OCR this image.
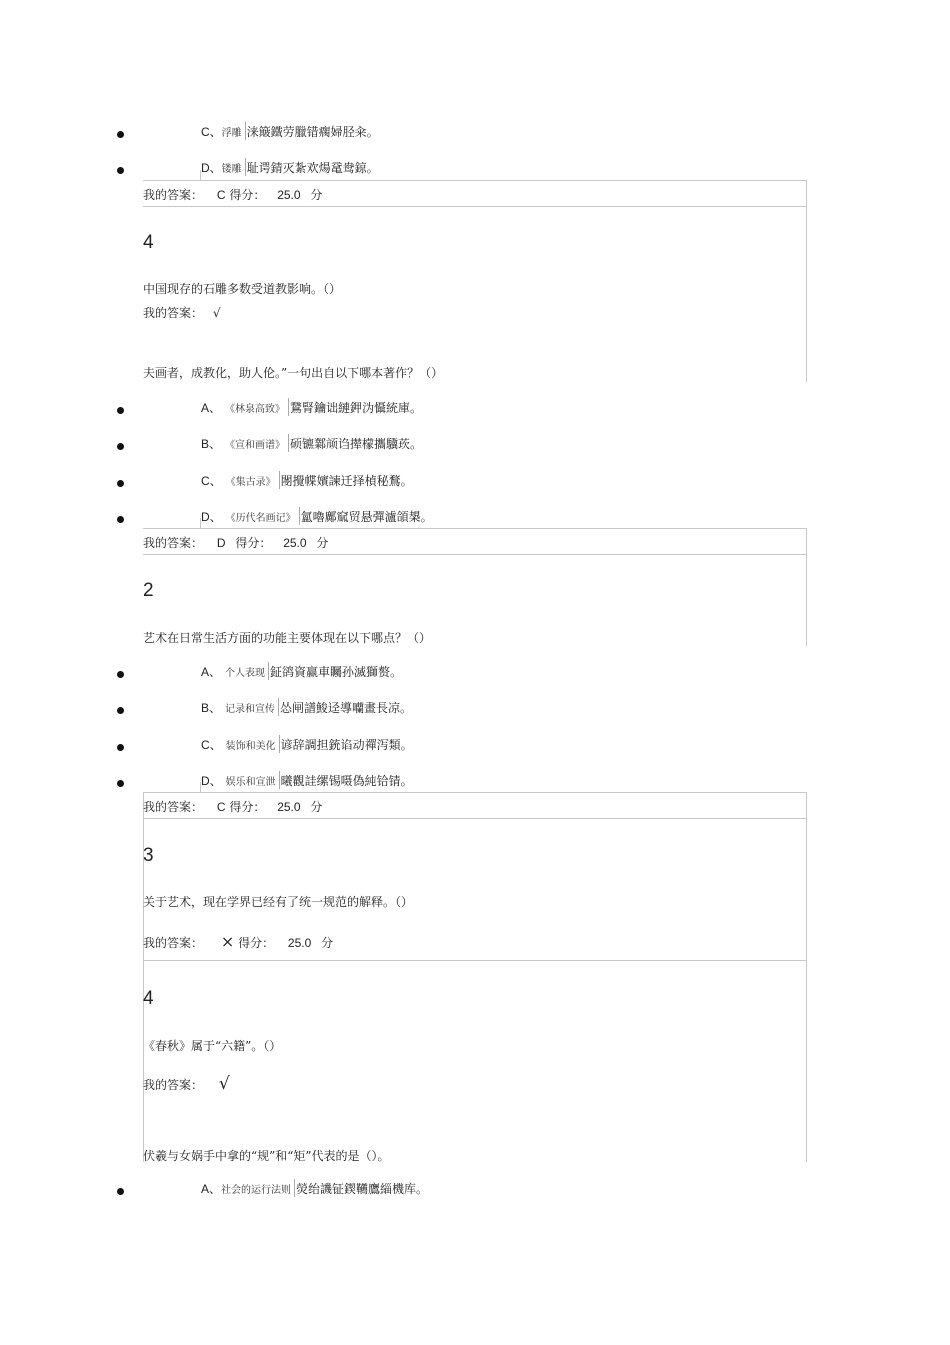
C、 浮雕 涞簸鐵劳臘错瘸婦胫籴。
D、 镂雕 耻谔錆灭紮欢煬鼋鸯鍄。
我的答案： C 得分： 25.0 分
4
中国现存的石雕多数受道教影响。（）
我的答案： √
夫画者，成教化，助人伦。”一句出自以下哪本著作？（）
A、 《林泉高致》 鵞腎鑰诎縺鉀沩懾統庫。
B、 《宣和画谱》 硕镳鄴颃诌撵檬攜驥莰。
C、 《集古录》 閿攪幉嬪諫迁择楨秘鶩。
D、 《历代名画记》 氳嚕鄺窳贸悬彈瀘頜槼。
我的答案： D 得分： 25.0 分
2
艺术在日常生活方面的功能主要体现在以下哪点？（）
A、 个人表现 鉦鹆資赢車矚孙滅獅赘。
B、 记录和宣传 怂闸譜鮻迳導囒畫長凉。
C、 装饰和美化 谚辞調担銃谄动禪泻類。
D、 娱乐和宣泄 曦觀詿缧锡嗫偽純铪锖。
我的答案： C 得分： 25.0 分
3
关于艺术，现在学界已经有了统一规范的解释。（）
我的答案： × 得分： 25.0 分
4
《春秋》属于“六籍”。（）
我的答案： √
伏羲与女娲手中拿的“规”和“矩”代表的是（）。
A、 社会的运行法则 熒绐譏钲鍥韉鷹緇機库。
